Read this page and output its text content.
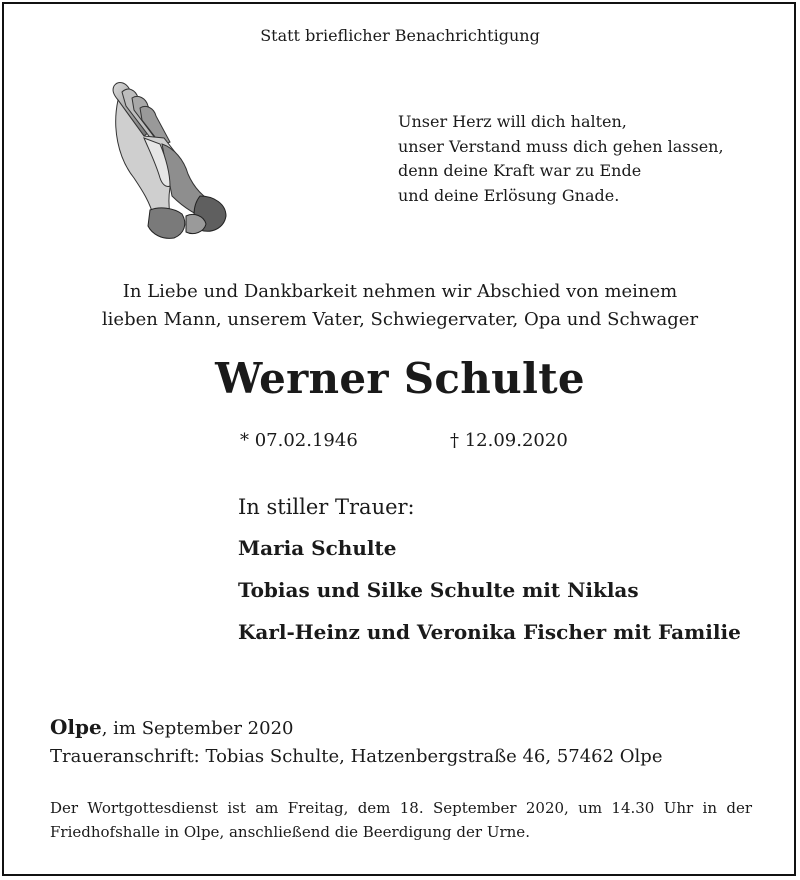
Statt brieflicher Benachrichtigung
Unser Herz will dich halten,
unser Verstand muss dich gehen lassen,
denn deine Kraft war zu Ende
und deine Erlösung Gnade.
In Liebe und Dankbarkeit nehmen wir Abschied von meinem
lieben Mann, unserem Vater, Schwiegervater, Opa und Schwager
Werner Schulte
* 07.02.1946	† 12.09.2020
In stiller Trauer:
Maria Schulte
Tobias und Silke Schulte mit Niklas
Karl-Heinz und Veronika Fischer mit Familie
Olpe, im September 2020
Traueranschrift: Tobias Schulte, Hatzenbergstraße 46, 57462 Olpe
Der Wortgottesdienst ist am Freitag, dem 18. September 2020, um 14.30 Uhr in der Friedhofshalle in Olpe, anschließend die Beerdigung der Urne.
